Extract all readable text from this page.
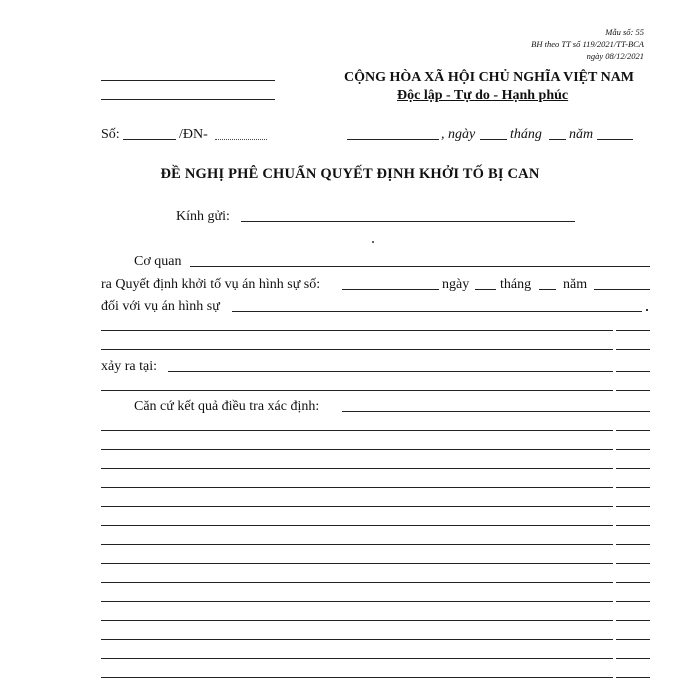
Mẫu số: 55
BH theo TT số 119/2021/TT-BCA
ngày 08/12/2021
CỘNG HÒA XÃ HỘI CHỦ NGHĨA VIỆT NAM
Độc lập - Tự do - Hạnh phúc
Số:	/ĐN-	, ngày tháng năm
ĐỀ NGHỊ PHÊ CHUẨN QUYẾT ĐỊNH KHỞI TỐ BỊ CAN
Kính gửi:
Cơ quan
ra Quyết định khởi tố vụ án hình sự số:	ngày tháng năm
đối với vụ án hình sự
xảy ra tại:
Căn cứ kết quả điều tra xác định:
